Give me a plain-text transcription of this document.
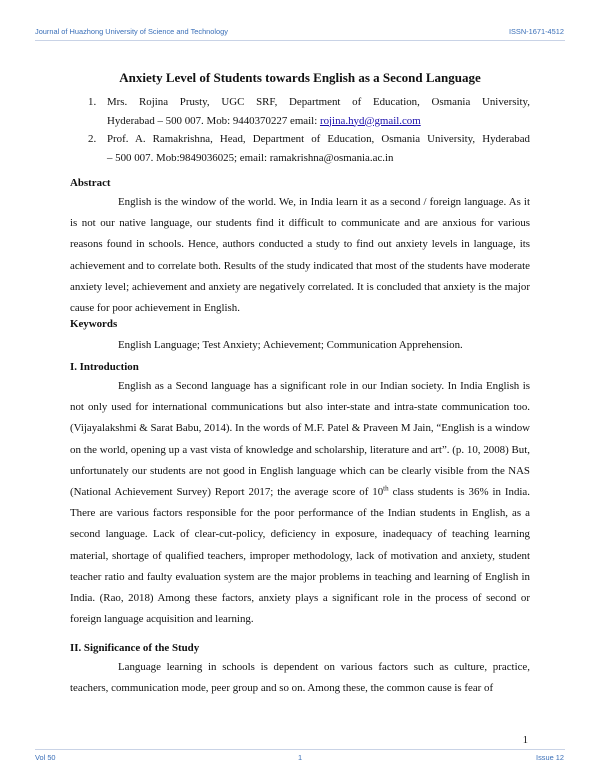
Journal of Huazhong University of Science and Technology	ISSN-1671-4512
Anxiety Level of Students towards English as a Second Language
1. Mrs. Rojina Prusty, UGC SRF, Department of Education, Osmania University,
Hyderabad – 500 007. Mob: 9440370227 email: rojina.hyd@gmail.com
2. Prof. A. Ramakrishna, Head, Department of Education, Osmania University, Hyderabad
– 500 007. Mob:9849036025; email: ramakrishna@osmania.ac.in
Abstract

English is the window of the world. We, in India learn it as a second / foreign language. As it is not our native language, our students find it difficult to communicate and are anxious for various reasons found in schools. Hence, authors conducted a study to find out anxiety levels in language, its achievement and to correlate both. Results of the study indicated that most of the students have moderate anxiety level; achievement and anxiety are negatively correlated. It is concluded that anxiety is the major cause for poor achievement in English.

Keywords
English Language; Test Anxiety; Achievement; Communication Apprehension.
I. Introduction

English as a Second language has a significant role in our Indian society. In India English is not only used for international communications but also inter-state and intra-state communication too. (Vijayalakshmi & Sarat Babu, 2014). In the words of M.F. Patel & Praveen M Jain, “English is a window on the world, opening up a vast vista of knowledge and scholarship, literature and art”. (p. 10, 2008) But, unfortunately our students are not good in English language which can be clearly visible from the NAS (National Achievement Survey) Report 2017; the average score of 10th class students is 36% in India. There are various factors responsible for the poor performance of the Indian students in English, as a second language. Lack of clear-cut-policy, deficiency in exposure, inadequacy of teaching learning material, shortage of qualified teachers, improper methodology, lack of motivation and anxiety, student teacher ratio and faulty evaluation system are the major problems in teaching and learning of English in India. (Rao, 2018) Among these factors, anxiety plays a significant role in the process of second or foreign language acquisition and learning.

II. Significance of the Study

Language learning in schools is dependent on various factors such as culture, practice, teachers, communication mode, peer group and so on. Among these, the common cause is fear of

1
Vol 50	1	Issue 12
